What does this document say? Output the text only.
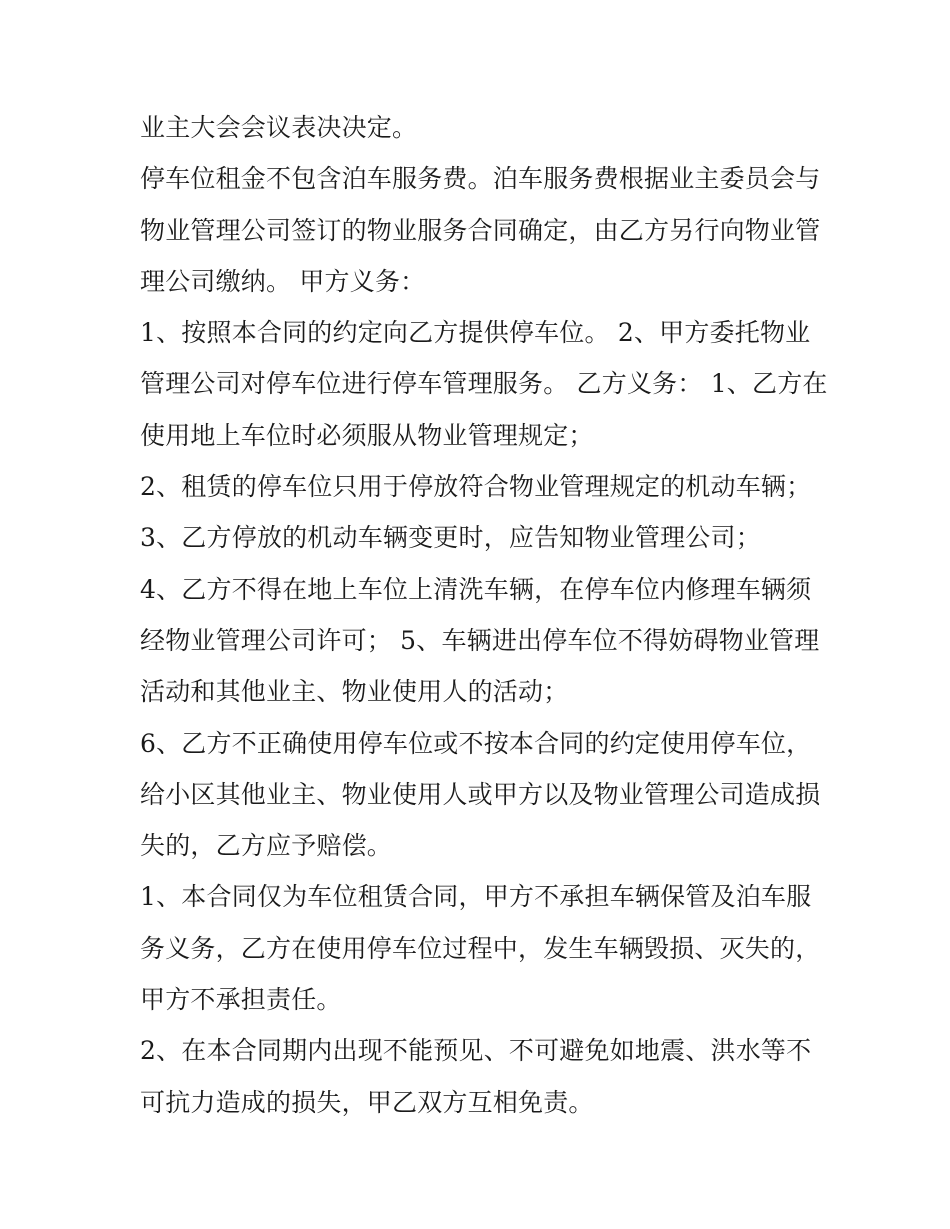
业主大会会议表决决定。
停车位租金不包含泊车服务费。泊车服务费根据业主委员会与
物业管理公司签订的物业服务合同确定，由乙方另行向物业管
理公司缴纳。 甲方义务：
1、按照本合同的约定向乙方提供停车位。 2、甲方委托物业
管理公司对停车位进行停车管理服务。 乙方义务： 1、乙方在
使用地上车位时必须服从物业管理规定；
2、租赁的停车位只用于停放符合物业管理规定的机动车辆；
3、乙方停放的机动车辆变更时，应告知物业管理公司；
4、乙方不得在地上车位上清洗车辆，在停车位内修理车辆须
经物业管理公司许可； 5、车辆进出停车位不得妨碍物业管理
活动和其他业主、物业使用人的活动；
6、乙方不正确使用停车位或不按本合同的约定使用停车位，
给小区其他业主、物业使用人或甲方以及物业管理公司造成损
失的，乙方应予赔偿。
1、本合同仅为车位租赁合同，甲方不承担车辆保管及泊车服
务义务，乙方在使用停车位过程中，发生车辆毁损、灭失的，
甲方不承担责任。
2、在本合同期内出现不能预见、不可避免如地震、洪水等不
可抗力造成的损失，甲乙双方互相免责。
